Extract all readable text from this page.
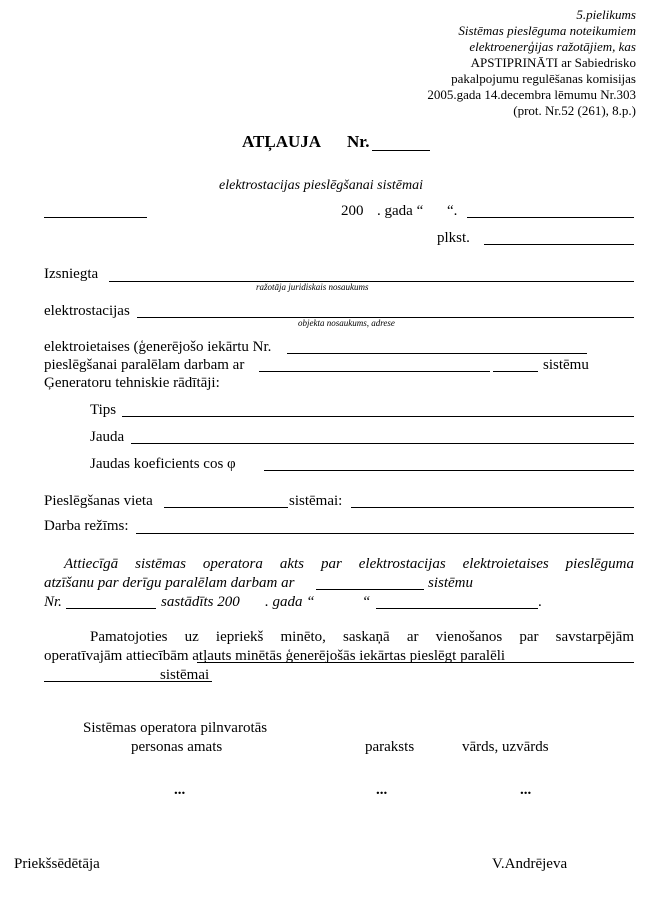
5.pielikums
Sistēmas pieslēguma noteikumiem
elektroenerģijas ražotājiem, kas
APSTIPRINĀTI ar Sabiedrisko
pakalpojumu regulēšanas komisijas
2005.gada 14.decembra lēmumu Nr.303
(prot. Nr.52 (261), 8.p.)
ATĻAUJA Nr.
elektrostacijas pieslēgšanai sistēmai
200 . gada “ “.
plkst.
Izsniegta
ražotāja juridiskais nosaukums
elektrostacijas
objekta nosaukums, adrese
elektroietaises (ģenerējošo iekārtu Nr.
pieslēgšanai paralēlam darbam ar	sistēmu
Ģeneratoru tehniskie rādītāji:
Tips
Jauda
Jaudas koeficients cos φ
Pieslēgšanas vieta	sistēmai:
Darba režīms:
Attiecīgā sistēmas operatora akts par elektrostacijas elektroietaises pieslēguma
atzīšanu par derīgu paralēlam darbam ar	sistēmu
Nr.	sastādīts 200 . gada “	“	.
Pamatojoties uz iepriekš minēto, saskaņā ar vienošanos par savstarpējām
operatīvajām attiecībām atļauts minētās ģenerējošās iekārtas pieslēgt paralēli
sistēmai
Sistēmas operatora pilnvarotās
personas amats	paraksts	vārds, uzvārds
...	...	...
Priekšsēdētāja	V.Andrējeva
